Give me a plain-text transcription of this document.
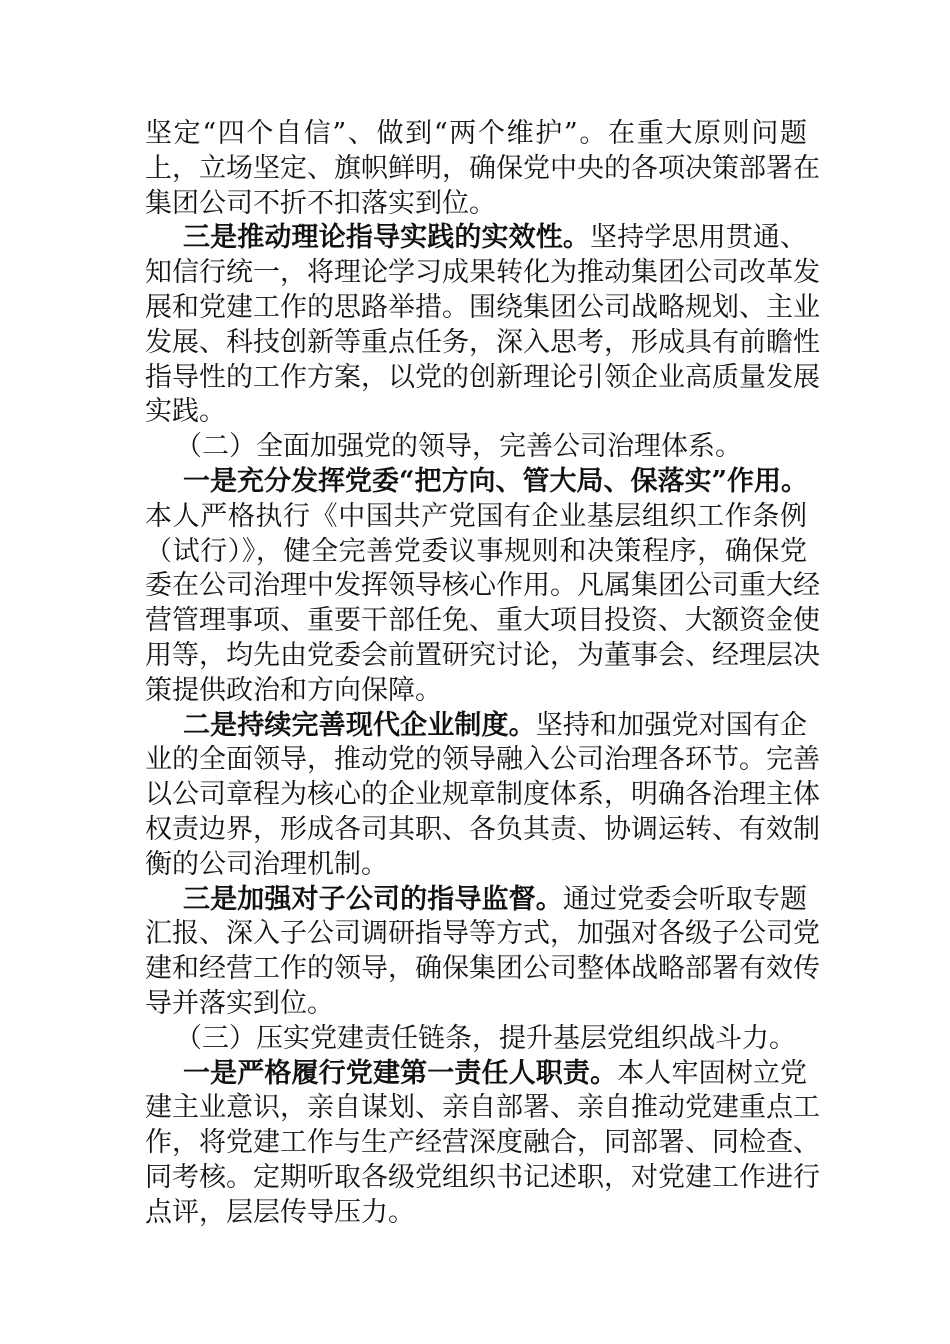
坚定“四个自信”、做到“两个维护”。在重大原则问题
上，立场坚定、旗帜鲜明，确保党中央的各项决策部署在
集团公司不折不扣落实到位。
三是推动理论指导实践的实效性。坚持学思用贯通、
知信行统一，将理论学习成果转化为推动集团公司改革发
展和党建工作的思路举措。围绕集团公司战略规划、主业
发展、科技创新等重点任务，深入思考，形成具有前瞻性
指导性的工作方案，以党的创新理论引领企业高质量发展
实践。
（二）全面加强党的领导，完善公司治理体系。
一是充分发挥党委“把方向、管大局、保落实”作用。
本人严格执行《中国共产党国有企业基层组织工作条例
（试行）》，健全完善党委议事规则和决策程序，确保党
委在公司治理中发挥领导核心作用。凡属集团公司重大经
营管理事项、重要干部任免、重大项目投资、大额资金使
用等，均先由党委会前置研究讨论，为董事会、经理层决
策提供政治和方向保障。
二是持续完善现代企业制度。坚持和加强党对国有企
业的全面领导，推动党的领导融入公司治理各环节。完善
以公司章程为核心的企业规章制度体系，明确各治理主体
权责边界，形成各司其职、各负其责、协调运转、有效制
衡的公司治理机制。
三是加强对子公司的指导监督。通过党委会听取专题
汇报、深入子公司调研指导等方式，加强对各级子公司党
建和经营工作的领导，确保集团公司整体战略部署有效传
导并落实到位。
（三）压实党建责任链条，提升基层党组织战斗力。
一是严格履行党建第一责任人职责。本人牢固树立党
建主业意识，亲自谋划、亲自部署、亲自推动党建重点工
作，将党建工作与生产经营深度融合，同部署、同检查、
同考核。定期听取各级党组织书记述职，对党建工作进行
点评，层层传导压力。
